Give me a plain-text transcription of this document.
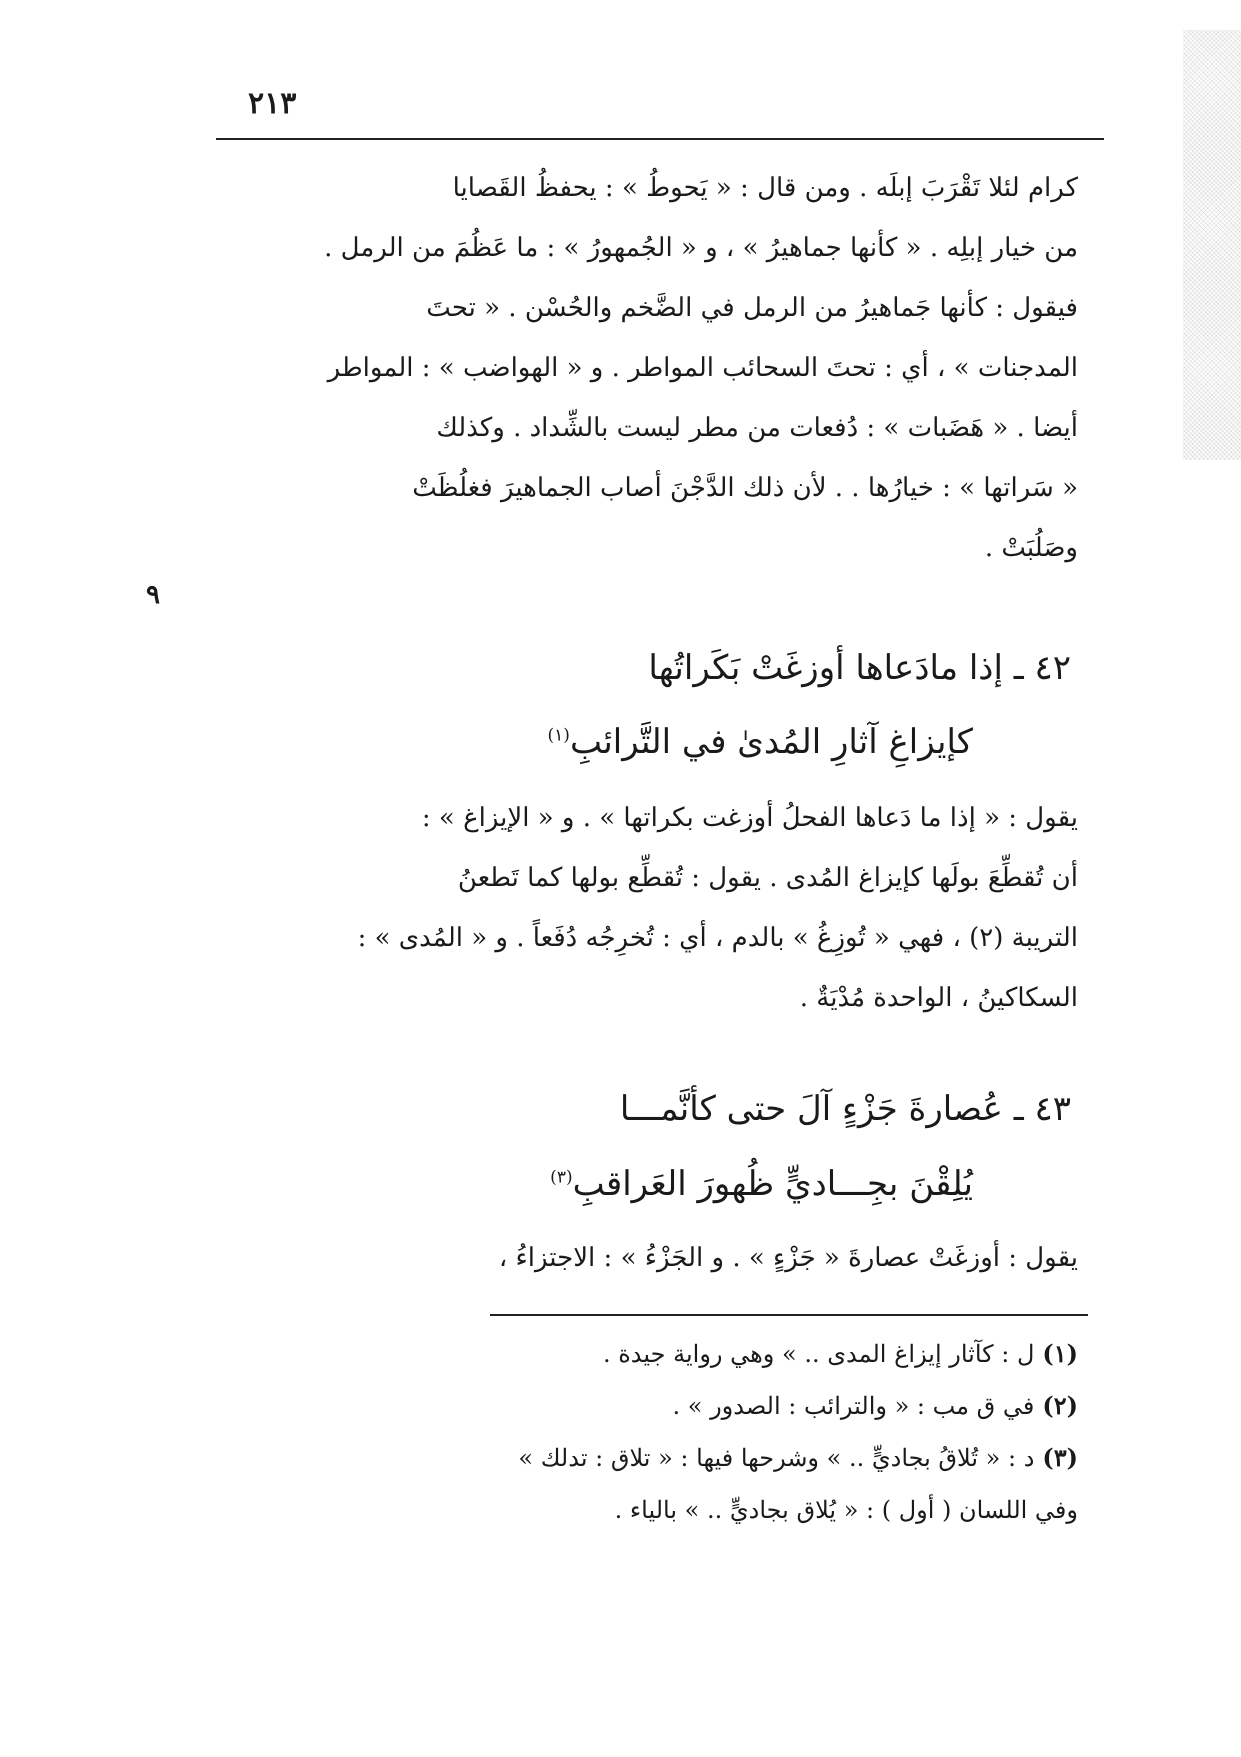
٢١٣

كرام لئلا تَقْرَبَ إبلَه . ومن قال : « يَحوطُ » : يحفظُ القَصايا

من خيار إبلِه . « كأنها جماهيرُ » ، و « الجُمهورُ » : ما عَظُمَ من الرمل .

فيقول : كأنها جَماهيرُ من الرمل في الضَّخم والحُسْن . « تحتَ

المدجنات » ، أي : تحتَ السحائب المواطر . و « الهواضب » : المواطر

أيضا . « هَضَبات » : دُفعات من مطر ليست بالشِّداد . وكذلك

« سَراتها » : خيارُها . . لأن ذلك الدَّجْنَ أصاب الجماهيرَ فغلُظَتْ

وصَلُبَتْ .

٩
٤٢ ـ إذا مادَعاها أوزغَتْ بَكَراتُها
كإيزاغِ آثارِ المُدىٰ في التَّرائبِ$^{(١)}$

يقول : « إذا ما دَعاها الفحلُ أوزغت بكراتها » . و « الإيزاغ » :

أن تُقطِّعَ بولَها كإيزاغ المُدى . يقول : تُقطِّع بولها كما تَطعنُ

التريبة (٢) ، فهي « تُوزِغُ » بالدم ، أي : تُخرِجُه دُفَعاً . و « المُدى » :

السكاكينُ ، الواحدة مُدْيَةٌ .

٤٣ ـ عُصارةَ جَزْءٍ آلَ حتى كأنَّمـــا
يُلِقْنَ بجِـــاديٍّ ظُهورَ العَراقبِ$^{(٣)}$

يقول : أوزغَتْ عصارةَ « جَزْءٍ » . و الجَزْءُ » : الاجتزاءُ ،

(١)ل : كآثار إيزاغ المدى .. » وهي رواية جيدة .

(٢)في ق مب : « والترائب : الصدور » .

(٣)د : « تُلاقُ بجاديٍّ .. » وشرحها فيها : « تلاق : تدلك »

وفي اللسان ( أول ) : « يُلاق بجاديٍّ .. » بالياء .
